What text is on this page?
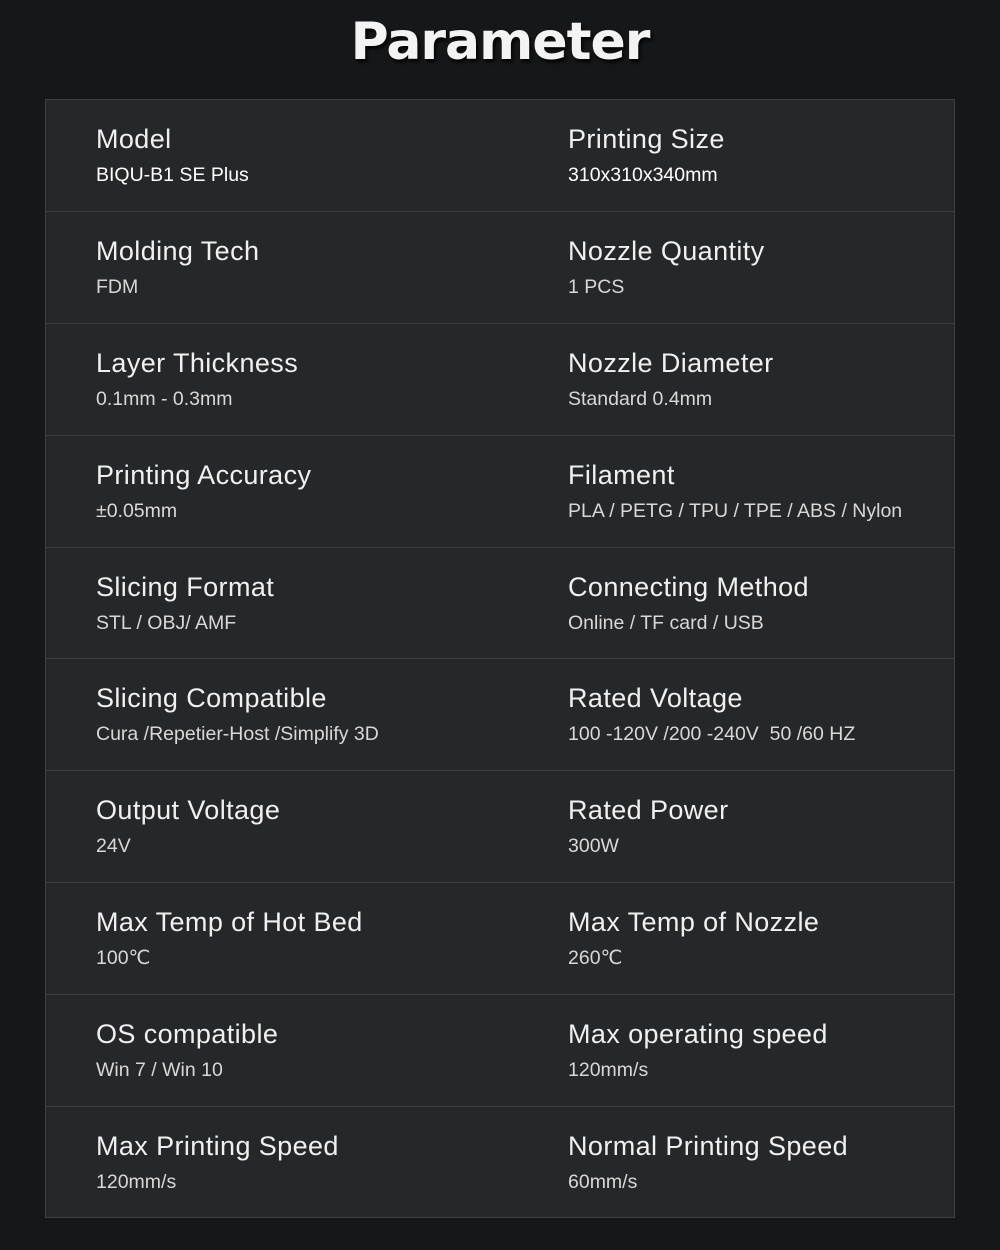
Parameter
Model
BIQU-B1 SE Plus
Printing Size
310x310x340mm
Molding Tech
FDM
Nozzle Quantity
1 PCS
Layer Thickness
0.1mm - 0.3mm
Nozzle Diameter
Standard 0.4mm
Printing Accuracy
±0.05mm
Filament
PLA / PETG / TPU / TPE / ABS / Nylon
Slicing Format
STL / OBJ/ AMF
Connecting Method
Online / TF card / USB
Slicing Compatible
Cura /Repetier-Host /Simplify 3D
Rated Voltage
100 -120V /200 -240V  50 /60 HZ
Output Voltage
24V
Rated Power
300W
Max Temp of Hot Bed
100℃
Max Temp of Nozzle
260℃
OS compatible
Win 7 / Win 10
Max operating speed
120mm/s
Max Printing Speed
120mm/s
Normal Printing Speed
60mm/s
